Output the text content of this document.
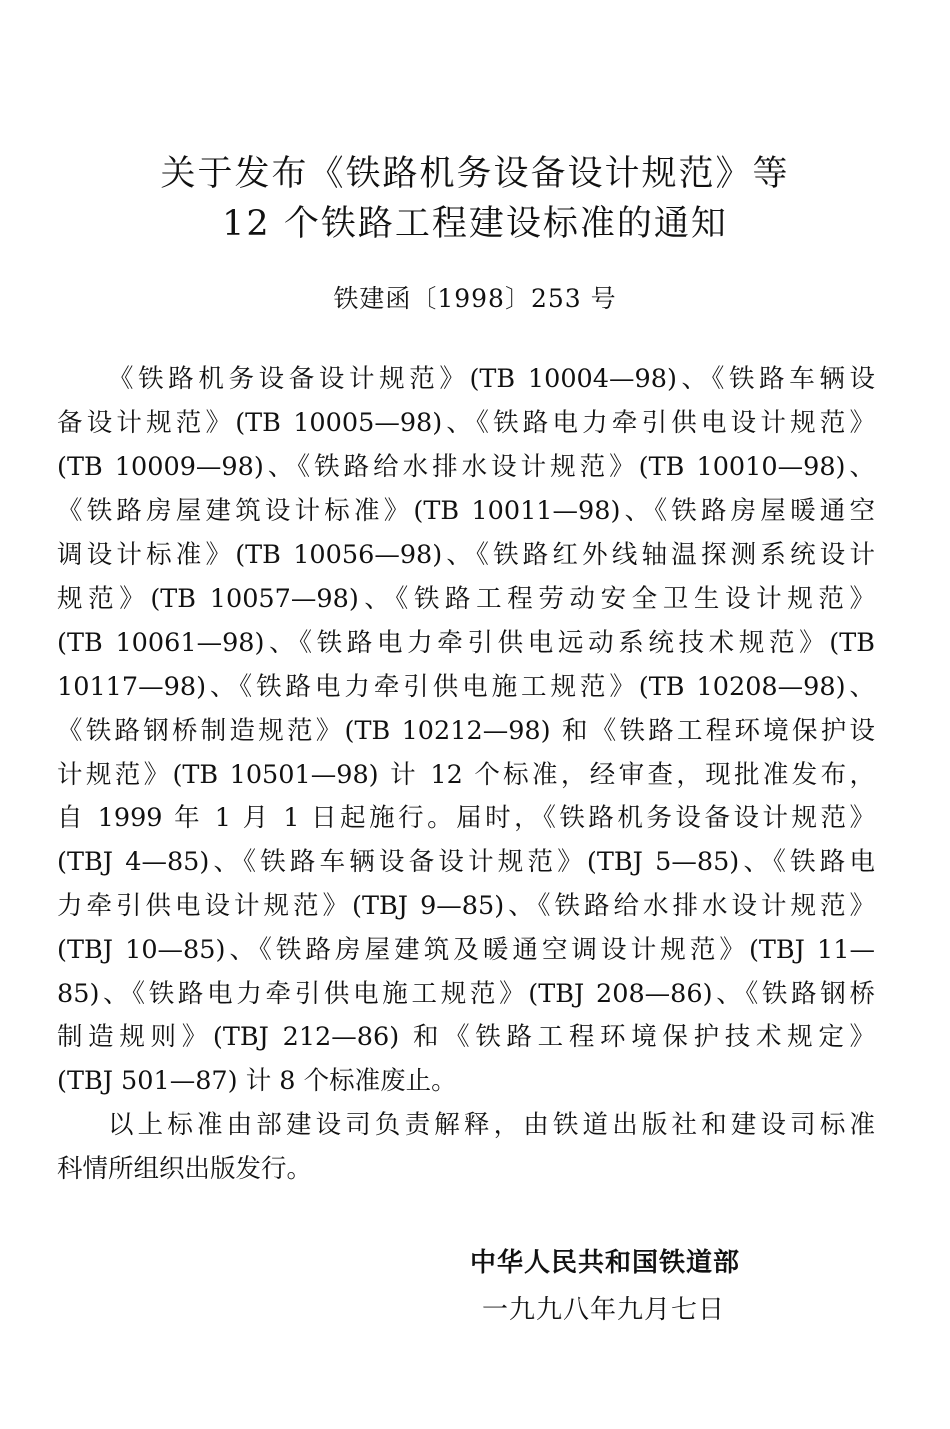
关于发布《铁路机务设备设计规范》等
12 个铁路工程建设标准的通知
铁建函〔1998〕253 号
《铁路机务设备设计规范》(TB 10004—98)、《铁路车辆设
备设计规范》(TB 10005—98)、《铁路电力牵引供电设计规范》
(TB 10009—98)、《铁路给水排水设计规范》(TB 10010—98)、
《铁路房屋建筑设计标准》(TB 10011—98)、《铁路房屋暖通空
调设计标准》(TB 10056—98)、《铁路红外线轴温探测系统设计
规范》(TB 10057—98)、《铁路工程劳动安全卫生设计规范》
(TB 10061—98)、《铁路电力牵引供电远动系统技术规范》(TB
10117—98)、《铁路电力牵引供电施工规范》(TB 10208—98)、
《铁路钢桥制造规范》(TB 10212—98) 和《铁路工程环境保护设
计规范》(TB 10501—98) 计 12 个标准，经审查，现批准发布，
自 1999 年 1 月 1 日起施行。届时，《铁路机务设备设计规范》
(TBJ 4—85)、《铁路车辆设备设计规范》(TBJ 5—85)、《铁路电
力牵引供电设计规范》(TBJ 9—85)、《铁路给水排水设计规范》
(TBJ 10—85)、《铁路房屋建筑及暖通空调设计规范》(TBJ 11—
85)、《铁路电力牵引供电施工规范》(TBJ 208—86)、《铁路钢桥
制造规则》(TBJ 212—86) 和《铁路工程环境保护技术规定》
(TBJ 501—87) 计 8 个标准废止。
以上标准由部建设司负责解释，由铁道出版社和建设司标准
科情所组织出版发行。
中华人民共和国铁道部
一九九八年九月七日
